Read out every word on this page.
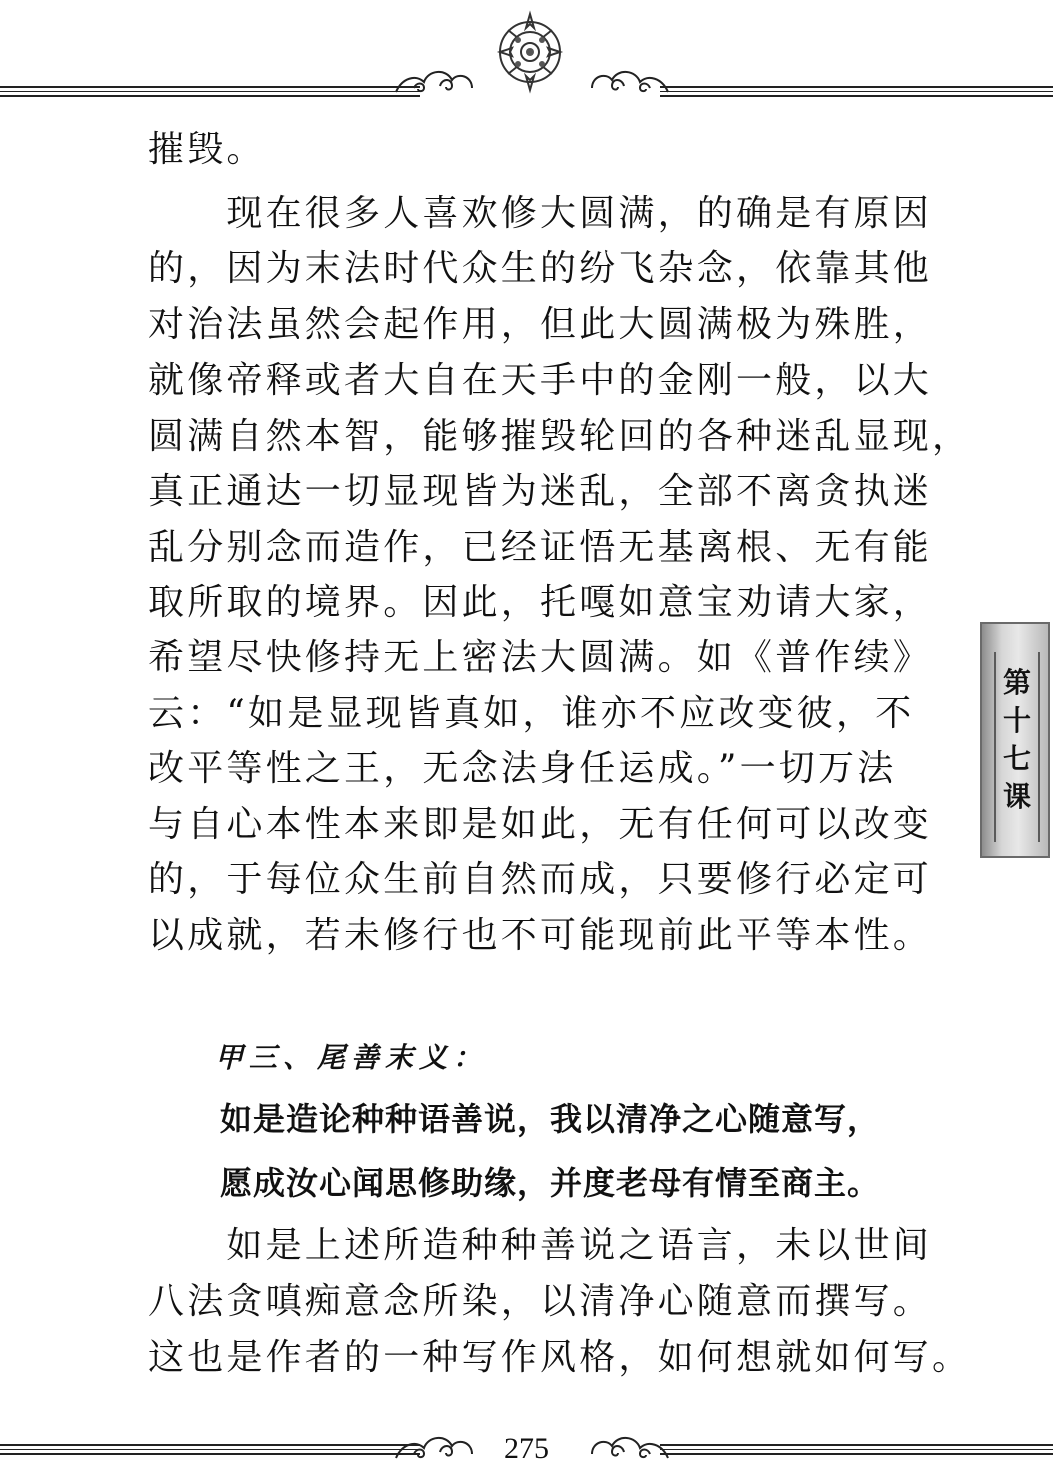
摧毁。
　　现在很多人喜欢修大圆满，的确是有原因
的，因为末法时代众生的纷飞杂念，依靠其他
对治法虽然会起作用，但此大圆满极为殊胜，
就像帝释或者大自在天手中的金刚一般，以大
圆满自然本智，能够摧毁轮回的各种迷乱显现，
真正通达一切显现皆为迷乱，全部不离贪执迷
乱分别念而造作，已经证悟无基离根、无有能
取所取的境界。因此，托嘎如意宝劝请大家，
希望尽快修持无上密法大圆满。如《普作续》
云：“如是显现皆真如，谁亦不应改变彼，不
改平等性之王，无念法身任运成。”一切万法
与自心本性本来即是如此，无有任何可以改变
的，于每位众生前自然而成，只要修行必定可
以成就，若未修行也不可能现前此平等本性。
甲三、尾善末义：
如是造论种种语善说，我以清净之心随意写，
愿成汝心闻思修助缘，并度老母有情至商主。
　　如是上述所造种种善说之语言，未以世间
八法贪嗔痴意念所染，以清净心随意而撰写。
这也是作者的一种写作风格，如何想就如何写。
第十七课
275
